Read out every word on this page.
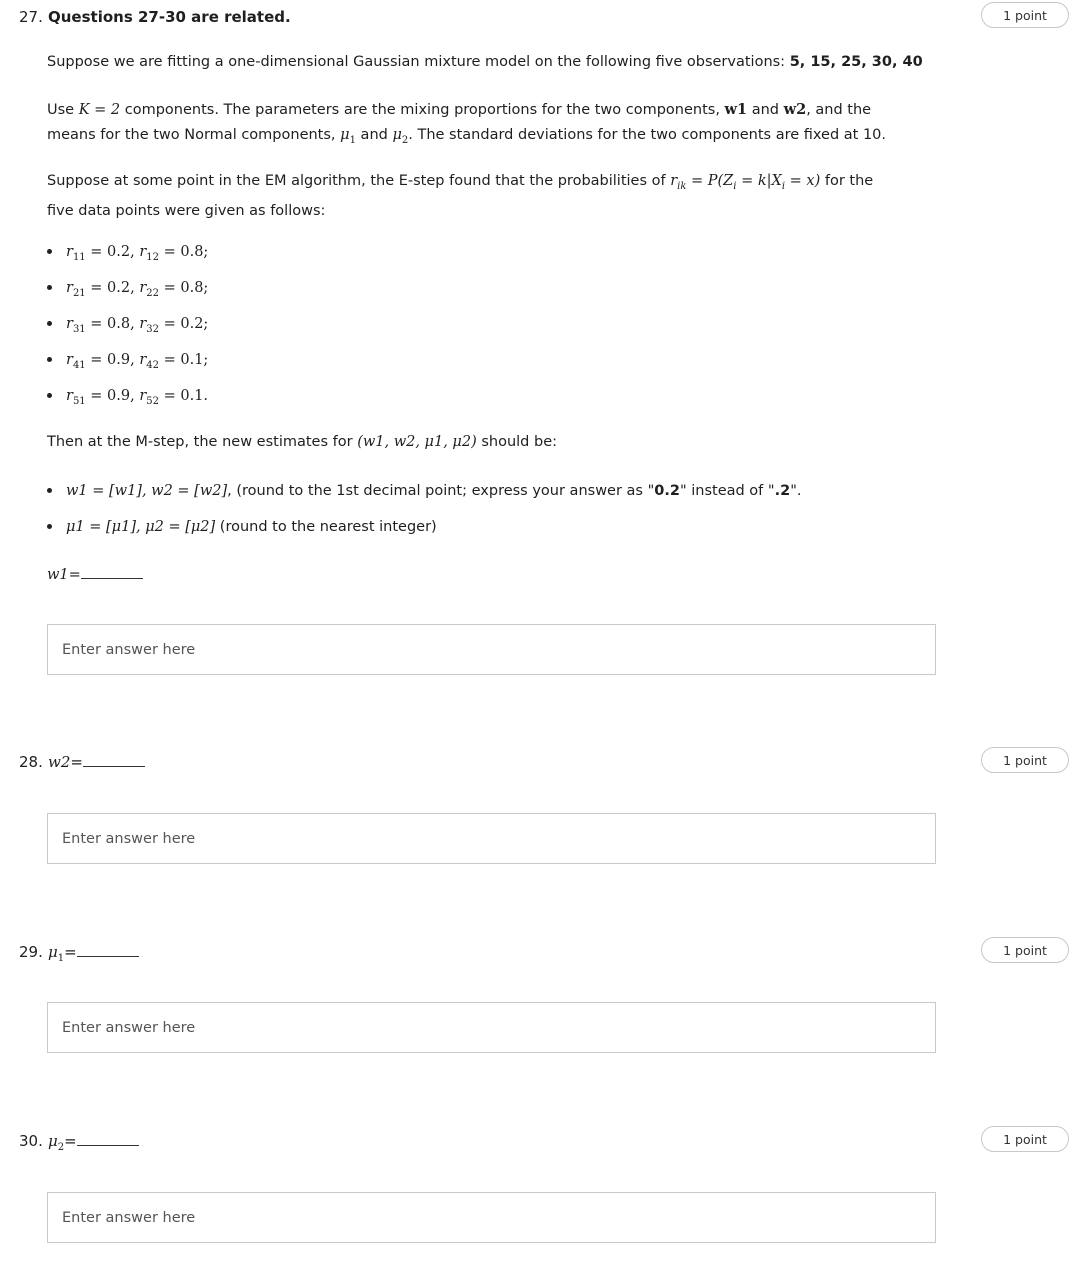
27. Questions 27-30 are related.	1 point

Suppose we are fitting a one-dimensional Gaussian mixture model on the following five observations: 5, 15, 25, 30, 40

Use K = 2 components. The parameters are the mixing proportions for the two components, w1 and w2, and the
means for the two Normal components, $\mu_1$ and $\mu_2$. The standard deviations for the two components are fixed at 10.

Suppose at some point in the EM algorithm, the E-step found that the probabilities of $r_{ik} = P(Z_i = k|X_i = x)$ for the
five data points were given as follows:

$r_{11} = 0.2$, $r_{12} = 0.8$;
$r_{21} = 0.2$, $r_{22} = 0.8$;
$r_{31} = 0.8$, $r_{32} = 0.2$;
$r_{41} = 0.9$, $r_{42} = 0.1$;
$r_{51} = 0.9$, $r_{52} = 0.1$.

Then at the M-step, the new estimates for (w1, w2, μ1, μ2) should be:

w1 = [w1], w2 = [w2], (round to the 1st decimal point; express your answer as "0.2" instead of ".2".
μ1 = [μ1], μ2 = [μ2] (round to the nearest integer)
w1=
Enter answer here
28. w2=	1 point
Enter answer here
29. $\mu_1=$	1 point
Enter answer here
30. $\mu_2=$	1 point
Enter answer here
